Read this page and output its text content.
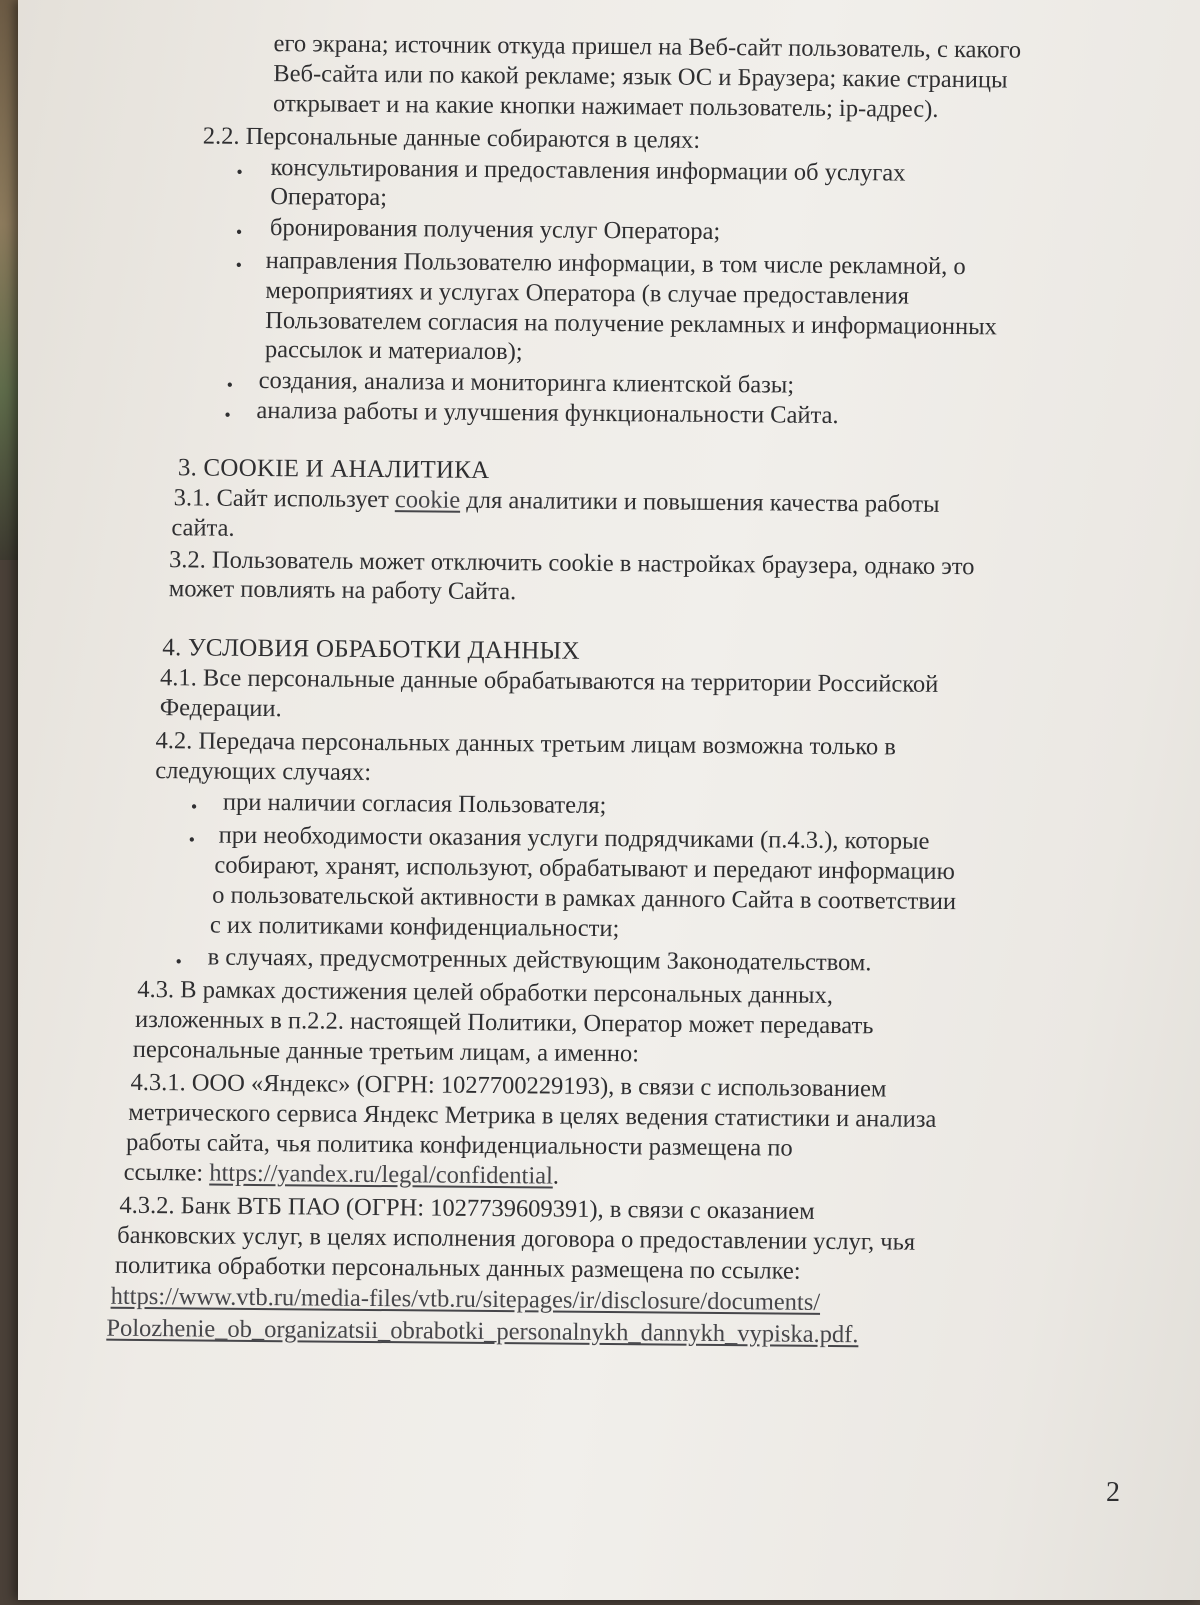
его экрана; источник откуда пришел на Веб-сайт пользователь, с какого
Веб-сайта или по какой рекламе; язык ОС и Браузера; какие страницы
открывает и на какие кнопки нажимает пользователь; ip-адрес).
2.2. Персональные данные собираются в целях:
• консультирования и предоставления информации об услугах
Оператора;
• бронирования получения услуг Оператора;
• направления Пользователю информации, в том числе рекламной, о
мероприятиях и услугах Оператора (в случае предоставления
Пользователем согласия на получение рекламных и информационных
рассылок и материалов);
• создания, анализа и мониторинга клиентской базы;
• анализа работы и улучшения функциональности Сайта.
3. COOKIE И АНАЛИТИКА
3.1. Сайт использует cookie для аналитики и повышения качества работы
сайта.
3.2. Пользователь может отключить cookie в настройках браузера, однако это
может повлиять на работу Сайта.
4. УСЛОВИЯ ОБРАБОТКИ ДАННЫХ
4.1. Все персональные данные обрабатываются на территории Российской
Федерации.
4.2. Передача персональных данных третьим лицам возможна только в
следующих случаях:
• при наличии согласия Пользователя;
• при необходимости оказания услуги подрядчиками (п.4.3.), которые
собирают, хранят, используют, обрабатывают и передают информацию
о пользовательской активности в рамках данного Сайта в соответствии
с их политиками конфиденциальности;
• в случаях, предусмотренных действующим Законодательством.
4.3. В рамках достижения целей обработки персональных данных,
изложенных в п.2.2. настоящей Политики, Оператор может передавать
персональные данные третьим лицам, а именно:
4.3.1. ООО «Яндекс» (ОГРН: 1027700229193), в связи с использованием
метрического сервиса Яндекс Метрика в целях ведения статистики и анализа
работы сайта, чья политика конфиденциальности размещена по
ссылке: https://yandex.ru/legal/confidential.
4.3.2. Банк ВТБ ПАО (ОГРН: 1027739609391), в связи с оказанием
банковских услуг, в целях исполнения договора о предоставлении услуг, чья
политика обработки персональных данных размещена по ссылке:
https://www.vtb.ru/media-files/vtb.ru/sitepages/ir/disclosure/documents/
Polozhenie_ob_organizatsii_obrabotki_personalnykh_dannykh_vypiska.pdf.
2
